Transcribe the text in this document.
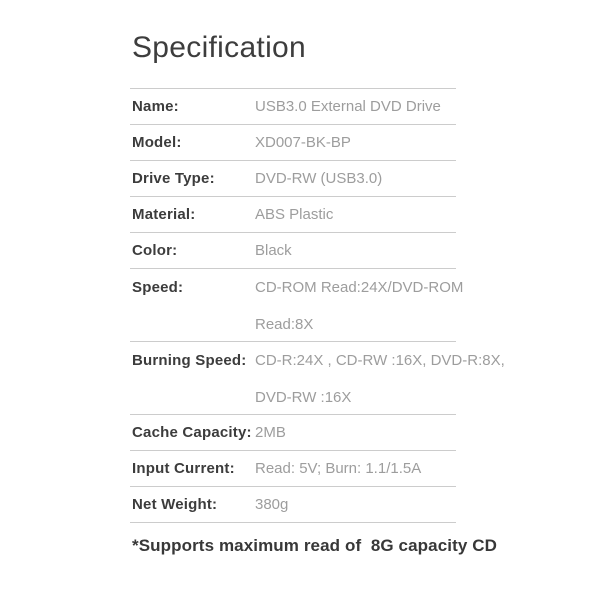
Specification
Name:	USB3.0 External DVD Drive
Model:	XD007-BK-BP
Drive Type:	DVD-RW (USB3.0)
Material:	ABS Plastic
Color:	Black
Speed:	CD-ROM Read:24X/DVD-ROM
Read:8X
Burning Speed: CD-R:24X , CD-RW :16X, DVD-R:8X,
DVD-RW :16X
Cache Capacity: 2MB
Input Current:	Read: 5V; Burn: 1.1/1.5A
Net Weight:	380g
*Supports maximum read of  8G capacity CD
